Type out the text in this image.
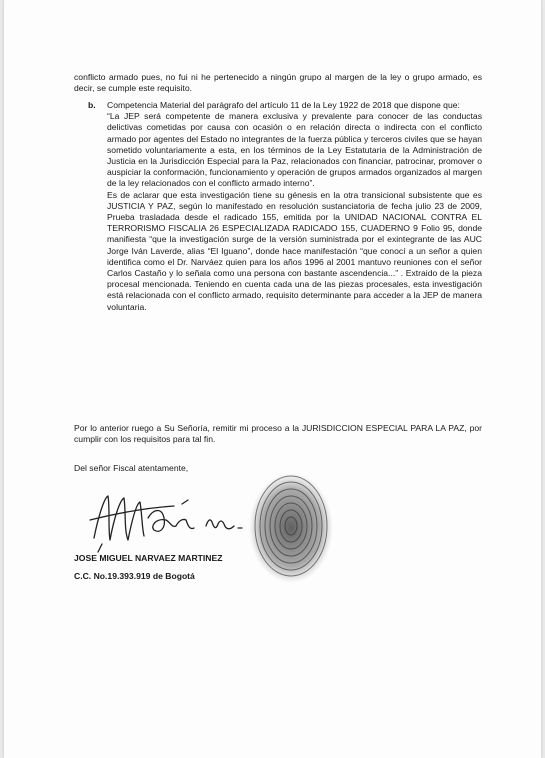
conflicto armado pues, no fui ni he pertenecido a ningún grupo al margen de la ley o grupo armado, es decir, se cumple este requisito.

b. Competencia Material del parágrafo del artículo 11 de la Ley 1922 de 2018 que dispone que:

“La JEP será competente de manera exclusiva y prevalente para conocer de las conductas delictivas cometidas por causa con ocasión o en relación directa o indirecta con el conflicto armado por agentes del Estado no integrantes de la fuerza pública y terceros civiles que se hayan sometido voluntariamente a esta, en los términos de la Ley Estatutaria de la Administración de Justicia en la Jurisdicción Especial para la Paz, relacionados con financiar, patrocinar, promover o auspiciar la conformación, funcionamiento y operación de grupos armados organizados al margen de la ley relacionados con el conflicto armado interno”.

Es de aclarar que esta investigación tiene su génesis en la otra transicional subsistente que es JUSTICIA Y PAZ, según lo manifestado en resolución sustanciatoria de fecha julio 23 de 2009, Prueba trasladada desde el radicado 155, emitida por la UNIDAD NACIONAL CONTRA EL TERRORISMO FISCALIA 26 ESPECIALIZADA RADICADO 155, CUADERNO 9 Folio 95, donde manifiesta “que la investigación surge de la versión suministrada por el exintegrante de las AUC Jorge Iván Laverde, alias “El Iguano”, donde hace manifestación “que conocí a un señor a quien identifica como el Dr. Narváez quien para los años 1996 al 2001 mantuvo reuniones con el señor Carlos Castaño y lo señala como una persona con bastante ascendencia...” . Extraido de la pieza procesal mencionada. Teniendo en cuenta cada una de las piezas procesales, esta investigación está relacionada con el conflicto armado, requisito determinante para acceder a la JEP de manera voluntaria.

Por lo anterior ruego a Su Señoría, remitir mi proceso a la JURISDICCION ESPECIAL PARA LA PAZ, por cumplir con los requisitos para tal fin.

Del señor Fiscal atentamente,

JOSE MIGUEL NARVAEZ MARTINEZ
C.C. No.19.393.919 de Bogotá
